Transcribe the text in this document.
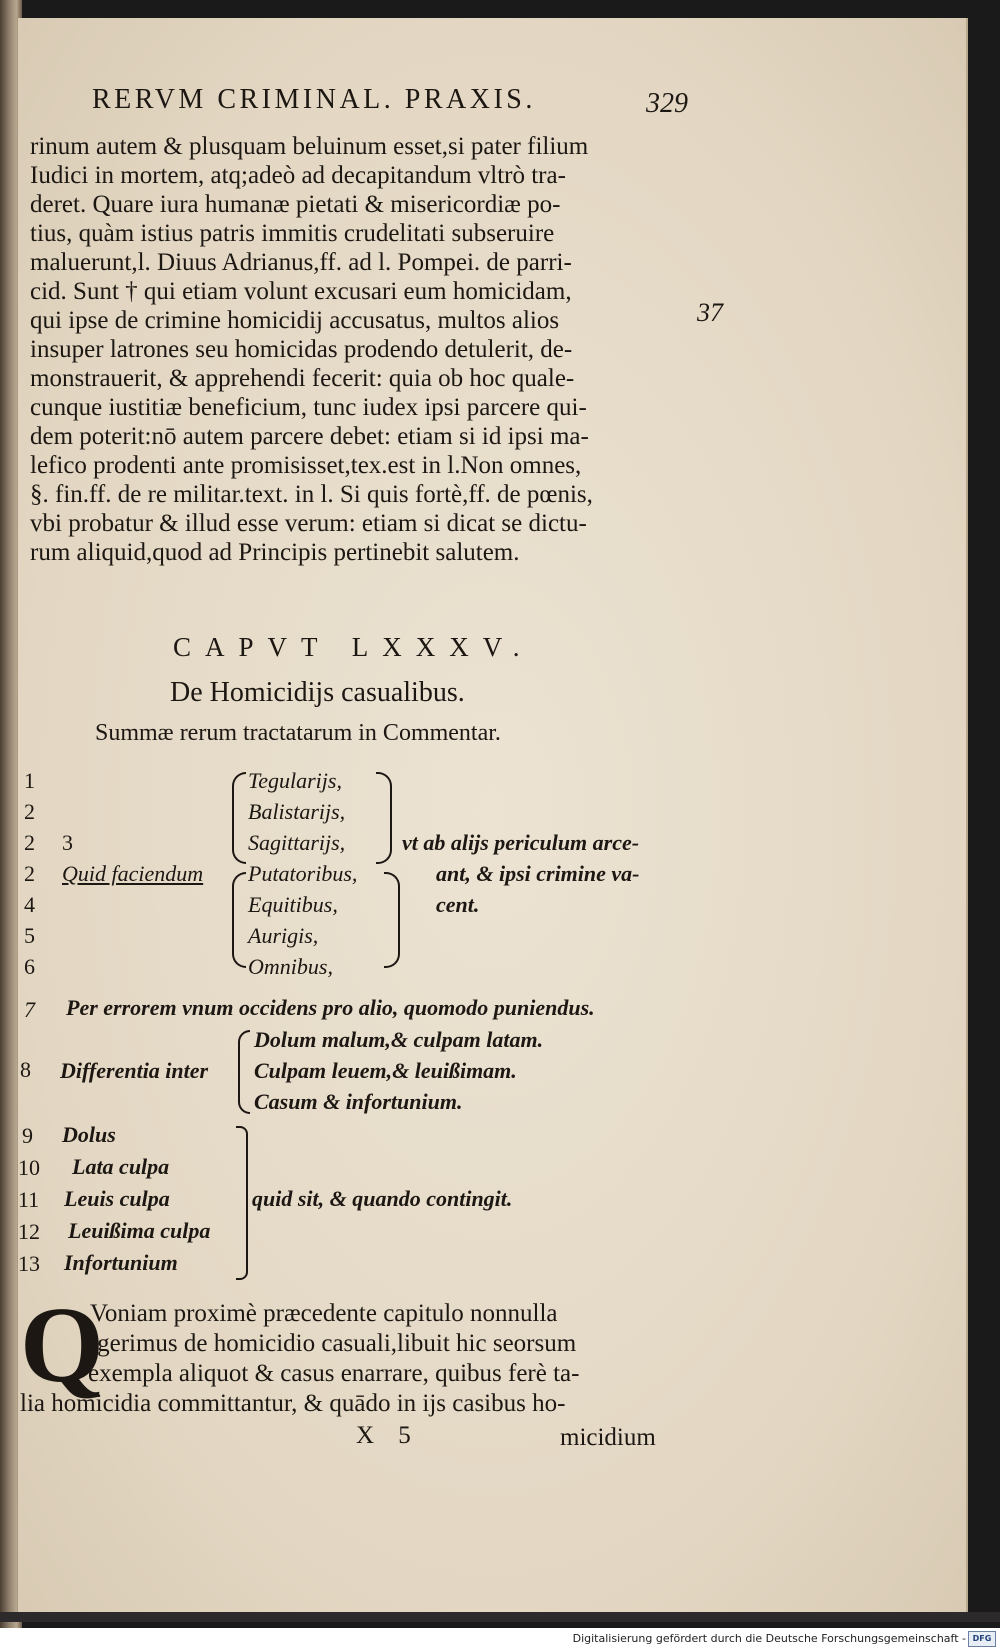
RERVM CRIMINAL. PRAXIS.	329
rinum autem & plusquam beluinum esset,si pater filium
Iudici in mortem, atq;adeò ad decapitandum vltrò tra-
deret. Quare iura humanæ pietati & misericordiæ po-
tius, quàm istius patris immitis crudelitati subseruire
maluerunt,l. Diuus Adrianus,ff. ad l. Pompei. de parri-
cid. Sunt † qui etiam volunt excusari eum homicidam,
qui ipse de crimine homicidij accusatus, multos alios
insuper latrones seu homicidas prodendo detulerit, de-
monstrauerit, & apprehendi fecerit: quia ob hoc quale-
cunque iustitiæ beneficium, tunc iudex ipsi parcere qui-
dem poterit:nō autem parcere debet: etiam si id ipsi ma-
lefico prodenti ante promisisset,tex.est in l.Non omnes,
§. fin.ff. de re militar.text. in l. Si quis fortè,ff. de pœnis,
vbi probatur & illud esse verum: etiam si dicat se dictu-
rum aliquid,quod ad Principis pertinebit salutem.
37
CAPVT LXXXV.
De Homicidijs casualibus.
Summæ rerum tractatarum in Commentar.
1
2
2
2
4
5
6
3
Quid faciendum
Tegularijs,
Balistarijs,
Sagittarijs,
Putatoribus,
Equitibus,
Aurigis,
Omnibus,
vt ab alijs periculum arce-
ant, & ipsi crimine va-
cent.
7 Per errorem vnum occidens pro alio, quomodo puniendus.
8 Differentia inter
Dolum malum,& culpam latam.
Culpam leuem,& leuißimam.
Casum & infortunium.
9 Dolus
10 Lata culpa
11 Leuis culpa
12 Leuißima culpa
13 Infortunium
quid sit, & quando contingit.
Q
Voniam proximè præcedente capitulo nonnulla
egerimus de homicidio casuali,libuit hic seorsum
exempla aliquot & casus enarrare, quibus ferè ta-
lia homicidia committantur, & quādo in ijs casibus ho-
X 5	micidium
Digitalisierung gefördert durch die Deutsche Forschungsgemeinschaft - DFG
